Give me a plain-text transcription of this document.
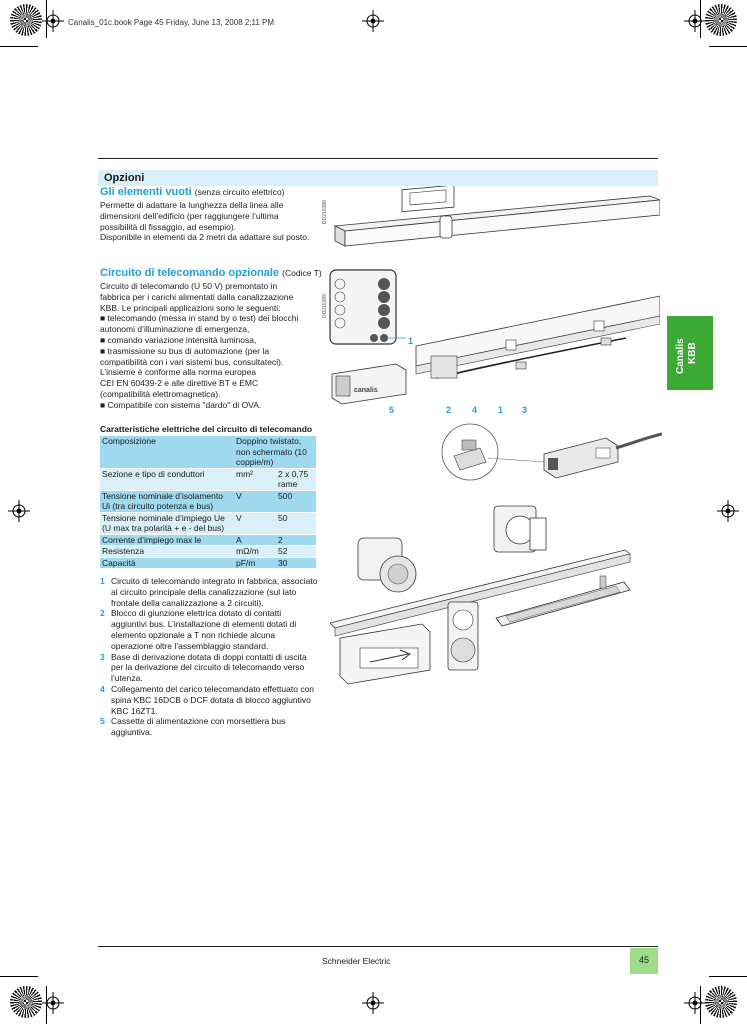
Canalis_01c.book Page 45 Friday, June 13, 2008 2:11 PM
Opzioni
Gli elementi vuoti (senza circuito elettrico)
Permette di adattare la lunghezza della linea alle
dimensioni dell’edificio (per raggiungere l’ultima
possibilità di fissaggio, ad esempio).
Disponibile in elementi da 2 metri da adattare sul posto.
DD210388
Circuito di telecomando opzionale (Codice T)
Circuito di telecomando (U 50 V) premontato in
fabbrica per i carichi alimentati dalla canalizzazione
KBB. Le principali applicazioni sono le seguenti:
■ telecomando (messa in stand by o test) dei blocchi
autonomi d’illuminazione di emergenza,
■ comando variazione intensità luminosa,
■ trasmissione su bus di automazione (per la
compatibilità con i vari sistemi bus, consultateci).
L’insieme è conforme alla norma europea
CEI EN 60439-2 e alle direttive BT e EMC
(compatibilità elettromagnetica).
■ Compatibile con sistema "dardo" di OVA.
DD210389
canalis
1
5	2 4 1 3
Caratteristiche elettriche del circuito di telecomando
Composizione	Doppino twistato, non schermato (10 coppie/m)	
Sezione e tipo di conduttori	mm²	2 x 0,75 rame
Tensione nominale d’isolamento Ui (tra circuito potenza e bus)	V	500
Tensione nominale d’impiego Ue (U max tra polarità + e - del bus)	V	50
Corrente d’impiego max le	A	2
Resistenza	mΩ/m	52
Capacità	pF/m	30
1 Circuito di telecomando integrato in fabbrica, associato al circuito principale della canalizzazione (sul lato frontale della canalizzazione a 2 circuiti).
2 Blocco di giunzione elettrica dotato di contatti aggiuntivi bus. L’installazione di elementi dotati di elemento opzionale a T non richiede alcuna operazione oltre l’assemblaggio standard.
3 Base di derivazione dotata di doppi contatti di uscita per la derivazione del circuito di telecomando verso l’utenza.
4 Collegamento del carico telecomandato effettuato con spina KBC 16DCB o DCF dotata di blocco aggiuntivo KBC 16ZT1.
5 Cassette di alimentazione con morsettiera bus aggiuntiva.
Canalis KBB
Schneider Electric	45
